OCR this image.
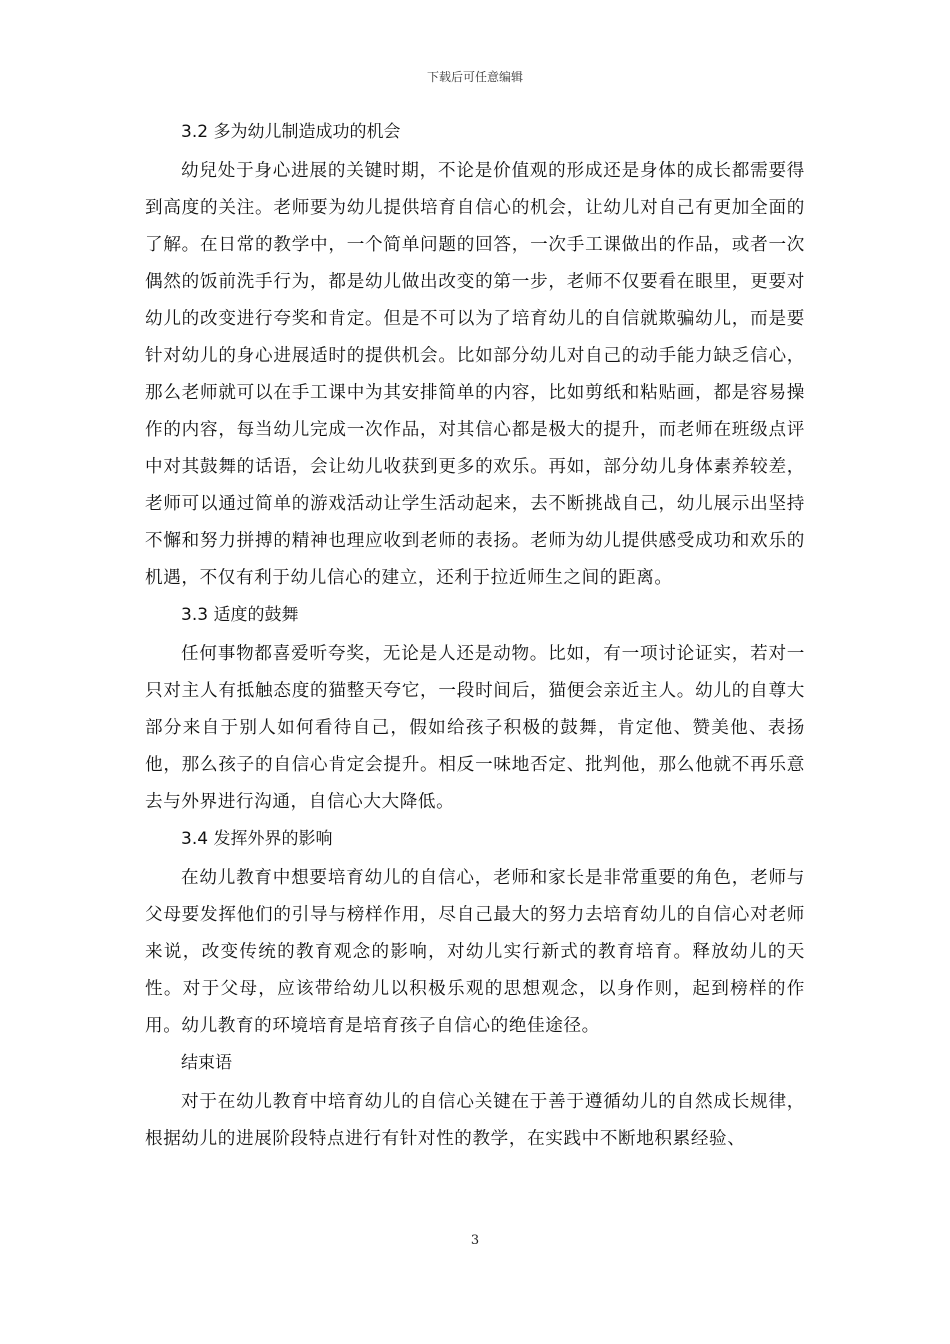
下载后可任意编辑
3.2 多为幼儿制造成功的机会

幼兒处于身心进展的关键时期，不论是价值观的形成还是身体的成长都需要得到高度的关注。老师要为幼儿提供培育自信心的机会，让幼儿对自己有更加全面的了解。在日常的教学中，一个简单问题的回答，一次手工课做出的作品，或者一次偶然的饭前洗手行为，都是幼儿做出改变的第一步，老师不仅要看在眼里，更要对幼儿的改变进行夸奖和肯定。但是不可以为了培育幼儿的自信就欺骗幼儿，而是要针对幼儿的身心进展适时的提供机会。比如部分幼儿对自己的动手能力缺乏信心，那么老师就可以在手工课中为其安排简单的内容，比如剪纸和粘贴画，都是容易操作的内容，每当幼儿完成一次作品，对其信心都是极大的提升，而老师在班级点评中对其鼓舞的话语，会让幼儿收获到更多的欢乐。再如，部分幼儿身体素养较差，老师可以通过简单的游戏活动让学生活动起来，去不断挑战自己，幼儿展示出坚持不懈和努力拼搏的精神也理应收到老师的表扬。老师为幼儿提供感受成功和欢乐的机遇，不仅有利于幼儿信心的建立，还利于拉近师生之间的距离。

3.3 适度的鼓舞

任何事物都喜爱听夸奖，无论是人还是动物。比如，有一项讨论证实，若对一只对主人有抵触态度的猫整天夸它，一段时间后，猫便会亲近主人。幼儿的自尊大部分来自于别人如何看待自己，假如给孩子积极的鼓舞，肯定他、赞美他、表扬他，那么孩子的自信心肯定会提升。相反一味地否定、批判他，那么他就不再乐意去与外界进行沟通，自信心大大降低。

3.4 发挥外界的影响

在幼儿教育中想要培育幼儿的自信心，老师和家长是非常重要的角色，老师与父母要发挥他们的引导与榜样作用，尽自己最大的努力去培育幼儿的自信心对老师来说，改变传统的教育观念的影响，对幼儿实行新式的教育培育。释放幼儿的天性。对于父母，应该带给幼儿以积极乐观的思想观念，以身作则，起到榜样的作用。幼儿教育的环境培育是培育孩子自信心的绝佳途径。

结束语

对于在幼儿教育中培育幼儿的自信心关键在于善于遵循幼儿的自然成长规律，根据幼儿的进展阶段特点进行有针对性的教学，在实践中不断地积累经验、

3
